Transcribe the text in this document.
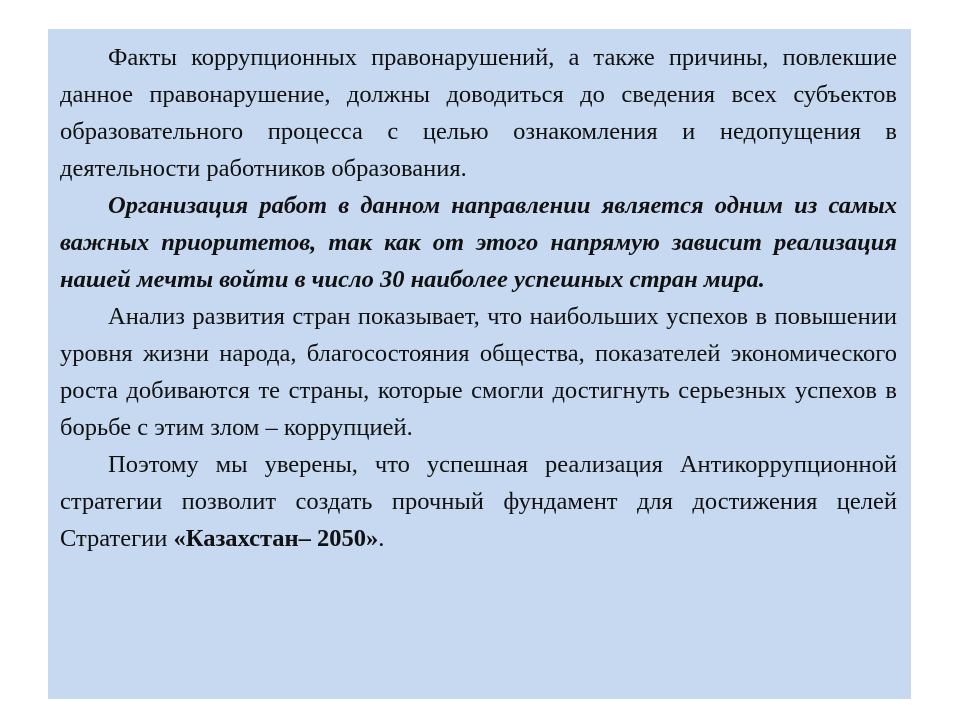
Факты коррупционных правонарушений, а также причины, повлекшие данное правонарушение, должны доводиться до сведения всех субъектов образовательного процесса с целью ознакомления и недопущения в деятельности работников образования.

Организация работ в данном направлении является одним из самых важных приоритетов, так как от этого напрямую зависит реализация нашей мечты войти в число 30 наиболее успешных стран мира.

Анализ развития стран показывает, что наибольших успехов в повышении уровня жизни народа, благосостояния общества, показателей экономического роста добиваются те страны, которые смогли достигнуть серьезных успехов в борьбе с этим злом – коррупцией.

Поэтому мы уверены, что успешная реализация Антикоррупционной стратегии позволит создать прочный фундамент для достижения целей Стратегии «Казахстан– 2050».
